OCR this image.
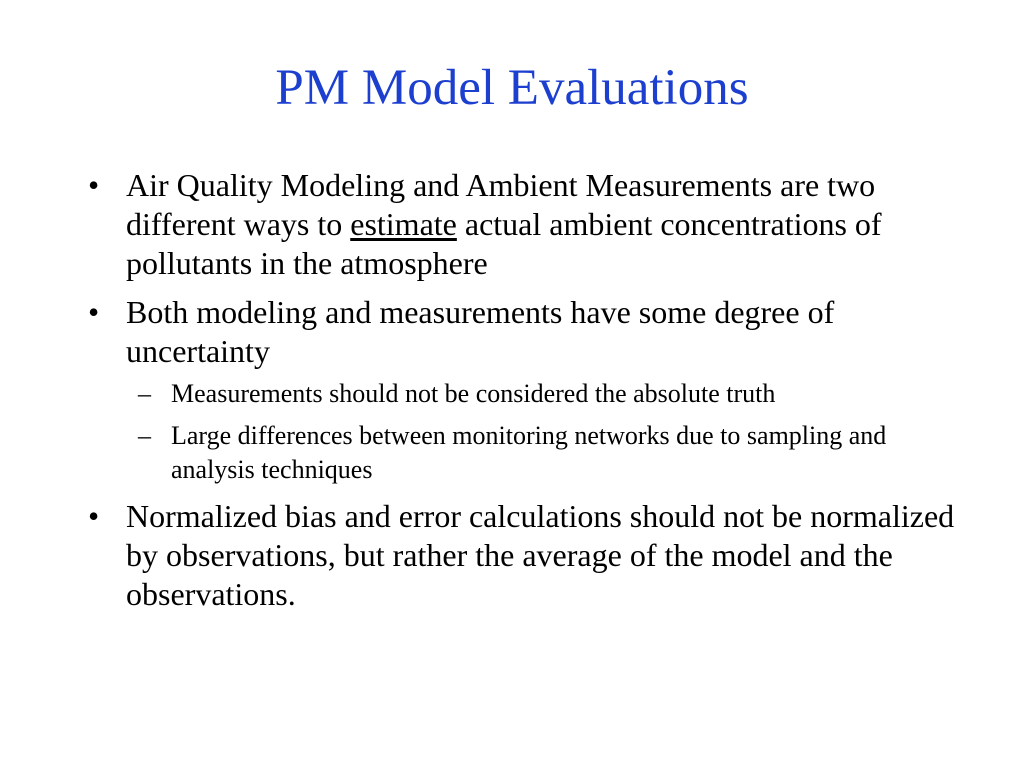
PM Model Evaluations
• Air Quality Modeling and Ambient Measurements are two different ways to estimate actual ambient concentrations of pollutants in the atmosphere
• Both modeling and measurements have some degree of uncertainty
– Measurements should not be considered the absolute truth
– Large differences between monitoring networks due to sampling and analysis techniques
• Normalized bias and error calculations should not be normalized by observations, but rather the average of the model and the observations.
